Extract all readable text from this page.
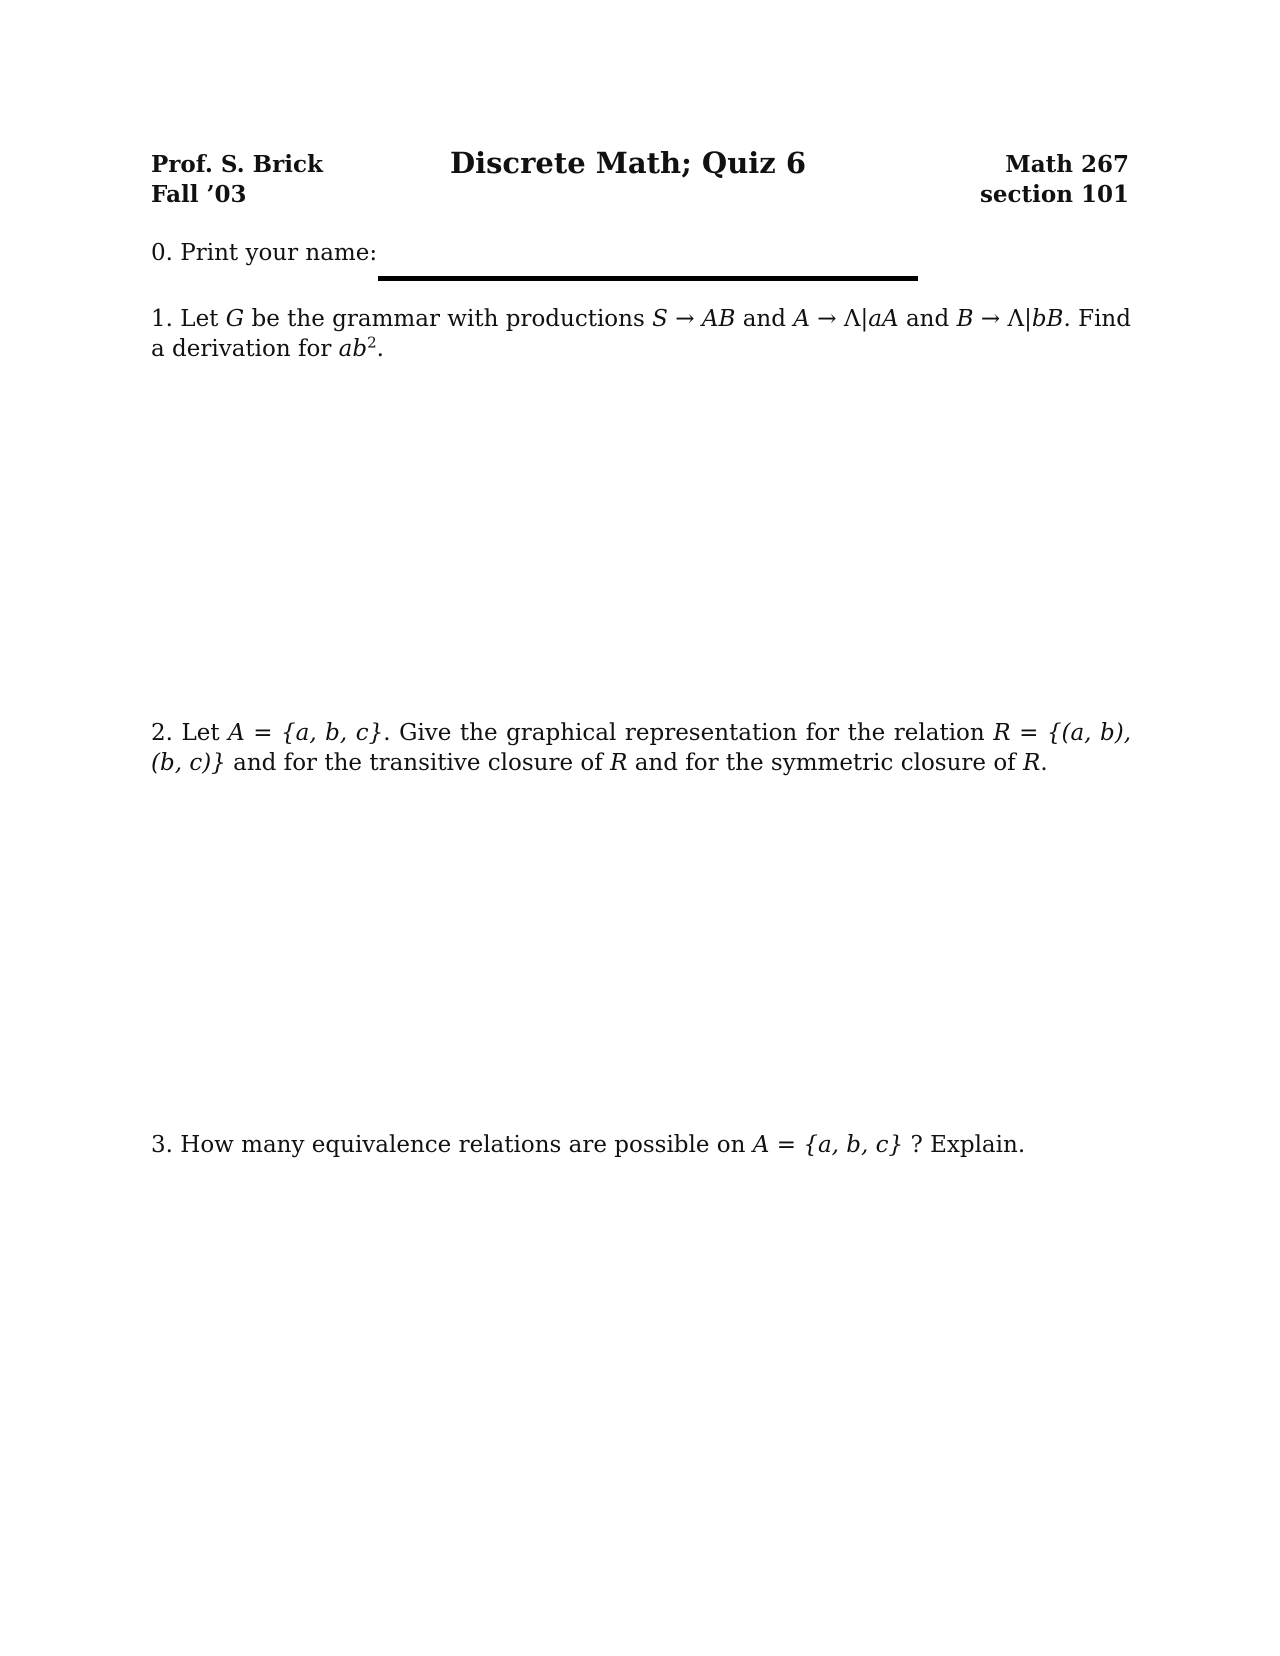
Prof. S. Brick
Fall ’03
Discrete Math; Quiz 6	Math 267
section 101
0. Print your name:
1. Let G be the grammar with productions S → AB and A → Λ|aA and B → Λ|bB. Find a derivation for $ab^2$.
2. Let A = {a, b, c}. Give the graphical representation for the relation R = {(a, b), (b, c)} and for the transitive closure of R and for the symmetric closure of R.
3. How many equivalence relations are possible on A = {a, b, c} ? Explain.
